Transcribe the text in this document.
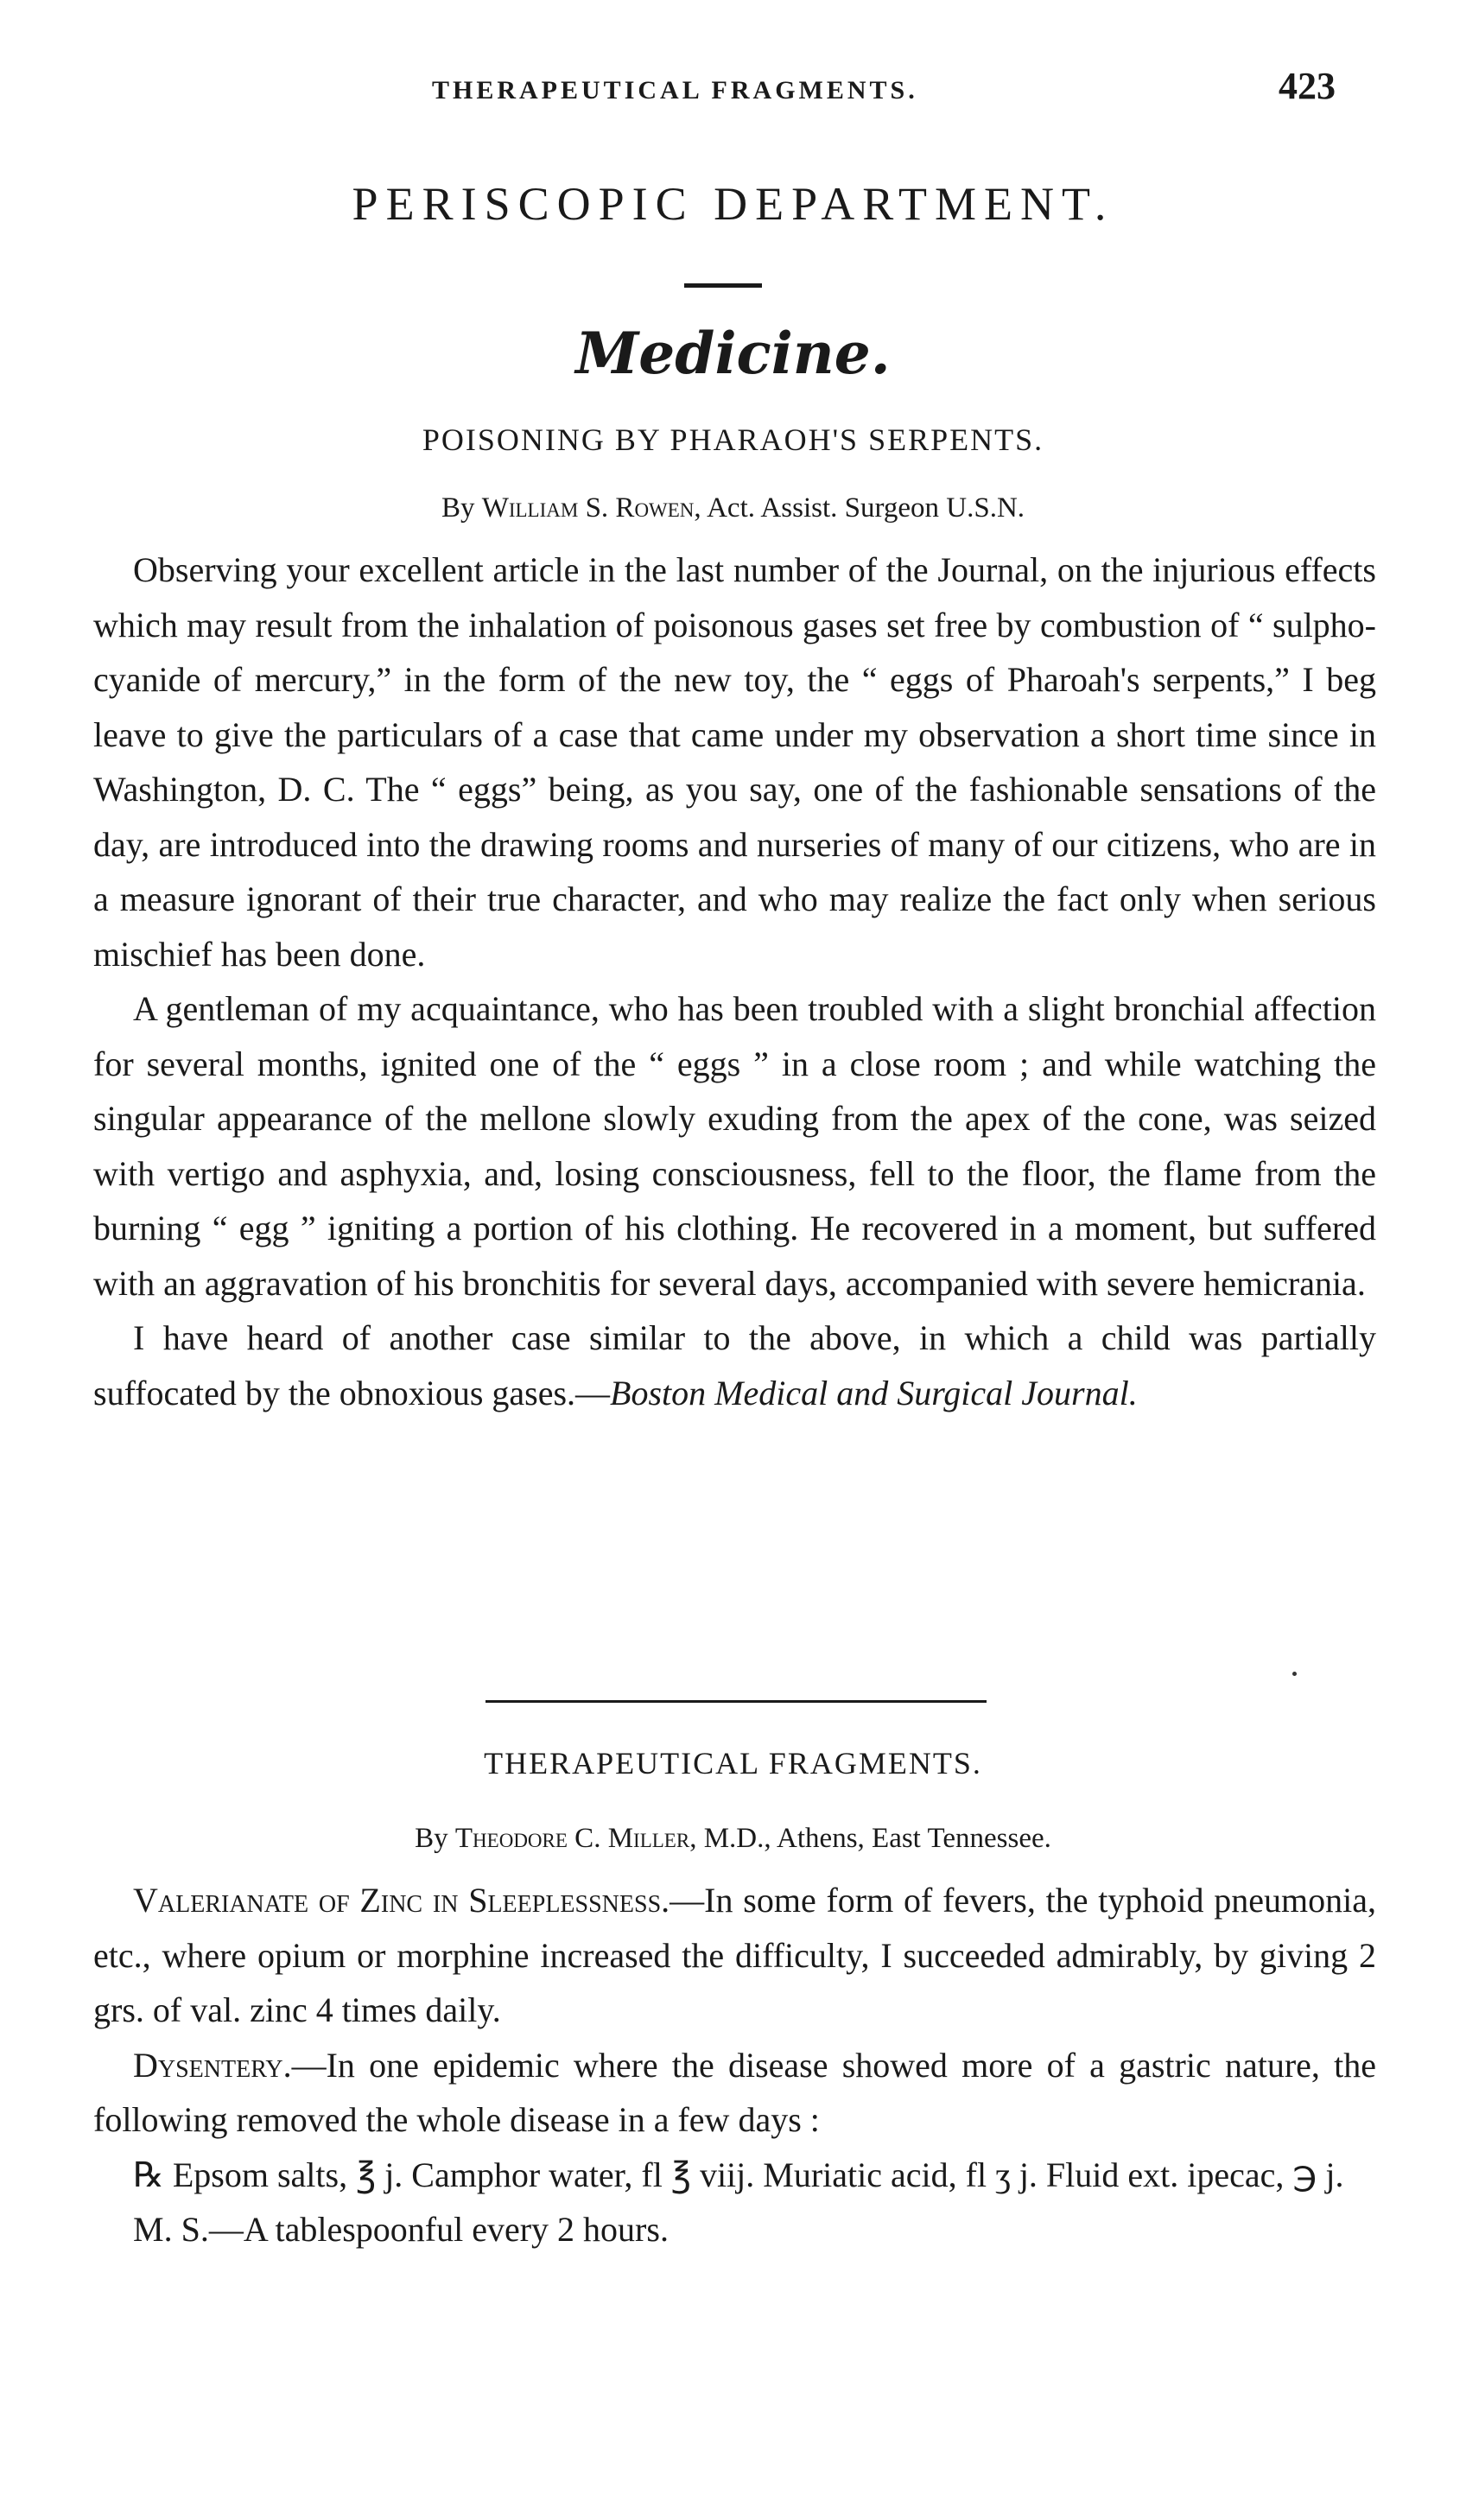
THERAPEUTICAL FRAGMENTS.	423
PERISCOPIC DEPARTMENT.
Medicine.
POISONING BY PHARAOH'S SERPENTS.
By William S. Rowen, Act. Assist. Surgeon U.S.N.

Observing your excellent article in the last number of the Journal, on the injurious effects which may result from the inhalation of poisonous gases set free by combustion of “ sulpho-cyanide of mercury,” in the form of the new toy, the “ eggs of Pharoah's serpents,” I beg leave to give the particulars of a case that came under my observation a short time since in Washington, D. C. The “ eggs” being, as you say, one of the fashionable sensations of the day, are introduced into the drawing rooms and nurseries of many of our citizens, who are in a measure ignorant of their true character, and who may realize the fact only when serious mischief has been done.

A gentleman of my acquaintance, who has been troubled with a slight bronchial affection for several months, ignited one of the “ eggs ” in a close room ; and while watching the singular appearance of the mellone slowly exuding from the apex of the cone, was seized with vertigo and asphyxia, and, losing consciousness, fell to the floor, the flame from the burning “ egg ” igniting a portion of his clothing. He recovered in a moment, but suffered with an aggravation of his bronchitis for several days, accompanied with severe hemicrania.

I have heard of another case similar to the above, in which a child was partially suffocated by the obnoxious gases.—Boston Medical and Surgical Journal.

THERAPEUTICAL FRAGMENTS.
By Theodore C. Miller, M.D., Athens, East Tennessee.

Valerianate of Zinc in Sleeplessness.—In some form of fevers, the typhoid pneumonia, etc., where opium or morphine increased the difficulty, I succeeded admirably, by giving 2 grs. of val. zinc 4 times daily.

Dysentery.—In one epidemic where the disease showed more of a gastric nature, the following removed the whole disease in a few days :

℞ Epsom salts, ℥ j. Camphor water, fl ℥ viij. Muriatic acid, fl ʒ j. Fluid ext. ipecac, ℈ j.

M. S.—A tablespoonful every 2 hours.
